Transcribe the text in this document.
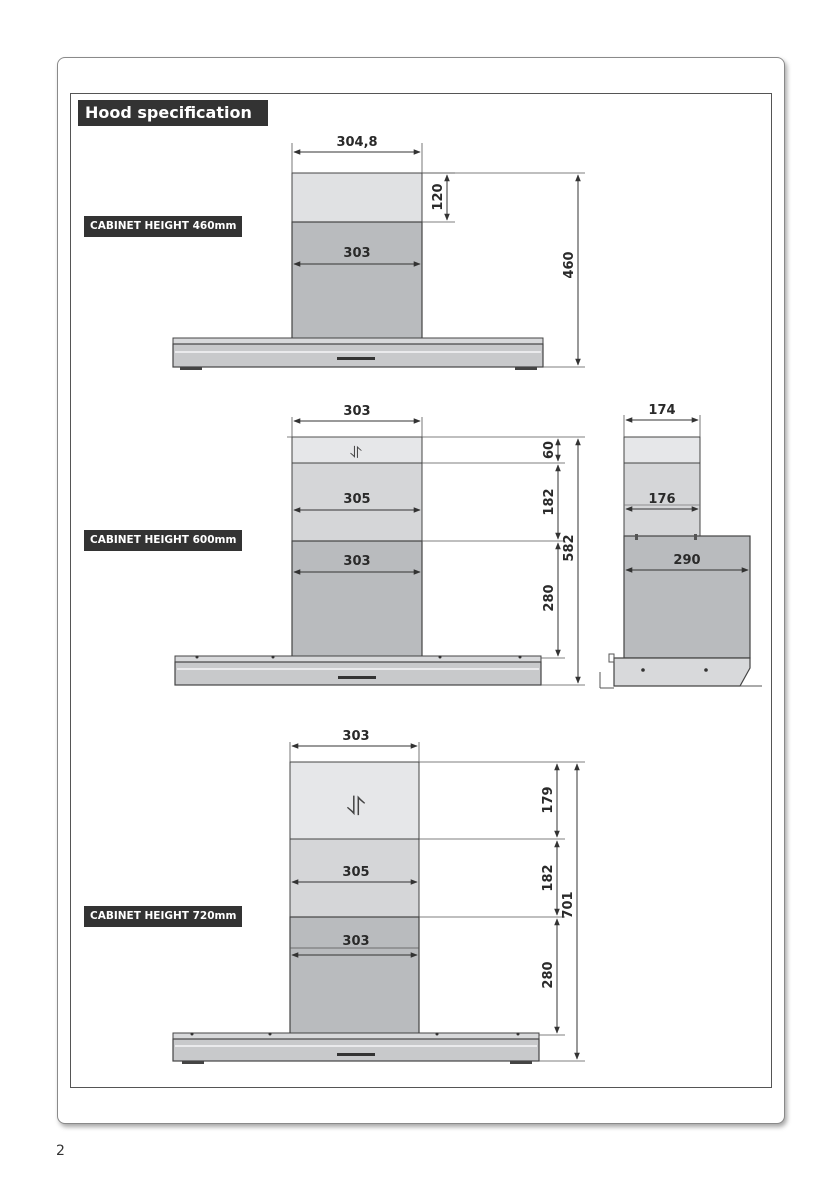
Hood specification
CABINET HEIGHT 460mm
CABINET HEIGHT 600mm
CABINET HEIGHT 720mm
304,8
120
303	460
⥯
303
305
303
60
182
280
582
174
176
290
⥯
303
305
303
179
182
280
701
2
